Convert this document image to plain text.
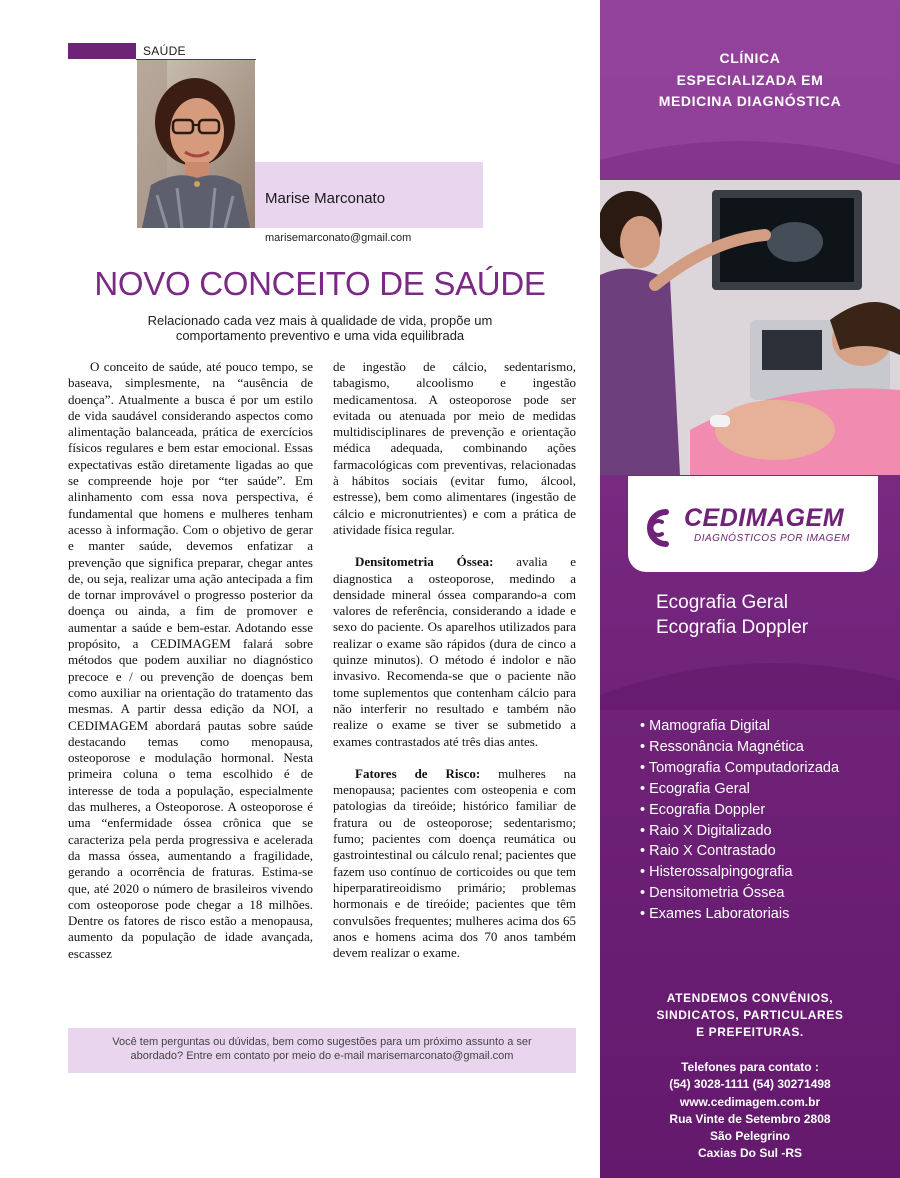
SAÚDE
Marise Marconato
marisemarconato@gmail.com
NOVO CONCEITO DE SAÚDE
Relacionado cada vez mais à qualidade de vida, propõe um
comportamento preventivo e uma vida equilibrada

O conceito de saúde, até pouco tempo, se baseava, simplesmente, na “ausência de doença”. Atualmente a busca é por um estilo de vida saudável considerando aspectos como alimentação balanceada, prática de exercícios físicos regulares e bem estar emocional. Essas expectativas estão diretamente ligadas ao que se compreende hoje por “ter saúde”. Em alinhamento com essa nova perspectiva, é fundamental que homens e mulheres tenham acesso à informação. Com o objetivo de gerar e manter saúde, devemos enfatizar a prevenção que significa preparar, chegar antes de, ou seja, realizar uma ação antecipada a fim de tornar improvável o progresso posterior da doença ou ainda, a fim de promover e aumentar a saúde e bem-estar. Adotando esse propósito, a CEDIMAGEM falará sobre métodos que podem auxiliar no diagnóstico precoce e / ou prevenção de doenças bem como auxiliar na orientação do tratamento das mesmas. A partir dessa edição da NOI, a CEDIMAGEM abordará pautas sobre saúde destacando temas como menopausa, osteoporose e modulação hormonal. Nesta primeira coluna o tema escolhido é de interesse de toda a população, especialmente das mulheres, a Osteoporose. A osteoporose é uma “enfermidade óssea crônica que se caracteriza pela perda progressiva e acelerada da massa óssea, aumentando a fragilidade, gerando a ocorrência de fraturas. Estima-se que, até 2020 o número de brasileiros vivendo com osteoporose pode chegar a 18 milhões. Dentre os fatores de risco estão a menopausa, aumento da população de idade avançada, escassez

de ingestão de cálcio, sedentarismo, tabagismo, alcoolismo e ingestão medicamentosa. A osteoporose pode ser evitada ou atenuada por meio de medidas multidisciplinares de prevenção e orientação médica adequada, combinando ações farmacológicas com preventivas, relacionadas à hábitos sociais (evitar fumo, álcool, estresse), bem como alimentares (ingestão de cálcio e micronutrientes) e com a prática de atividade física regular.

Densitometria Óssea: avalia e diagnostica a osteoporose, medindo a densidade mineral óssea comparando-a com valores de referência, considerando a idade e sexo do paciente. Os aparelhos utilizados para realizar o exame são rápidos (dura de cinco a quinze minutos). O método é indolor e não invasivo. Recomenda-se que o paciente não tome suplementos que contenham cálcio para não interferir no resultado e também não realize o exame se tiver se submetido a exames contrastados até três dias antes.

Fatores de Risco: mulheres na menopausa; pacientes com osteopenia e com patologias da tireóide; histórico familiar de fratura ou de osteoporose; sedentarismo; fumo; pacientes com doença reumática ou gastrointestinal ou cálculo renal; pacientes que fazem uso contínuo de corticoides ou que tem hiperparatireoidismo primário; problemas hormonais e de tireóide; pacientes que têm convulsões frequentes; mulheres acima dos 65 anos e homens acima dos 70 anos também devem realizar o exame.

Você tem perguntas ou dúvidas, bem como sugestões para um próximo assunto a ser
abordado? Entre em contato por meio do e-mail marisemarconato@gmail.com
CLÍNICA
ESPECIALIZADA EM
MEDICINA DIAGNÓSTICA
CEDIMAGEM
DIAGNÓSTICOS POR IMAGEM
Ecografia Geral
Ecografia Doppler
• Mamografia Digital
• Ressonância Magnética
• Tomografia Computadorizada
• Ecografia Geral
• Ecografia Doppler
• Raio X Digitalizado
• Raio X Contrastado
• Histerossalpingografia
• Densitometria Óssea
• Exames Laboratoriais
ATENDEMOS CONVÊNIOS,
SINDICATOS, PARTICULARES
E PREFEITURAS.
Telefones para contato :
(54) 3028-1111 (54) 30271498
www.cedimagem.com.br
Rua Vinte de Setembro 2808
São Pelegrino
Caxias Do Sul -RS
